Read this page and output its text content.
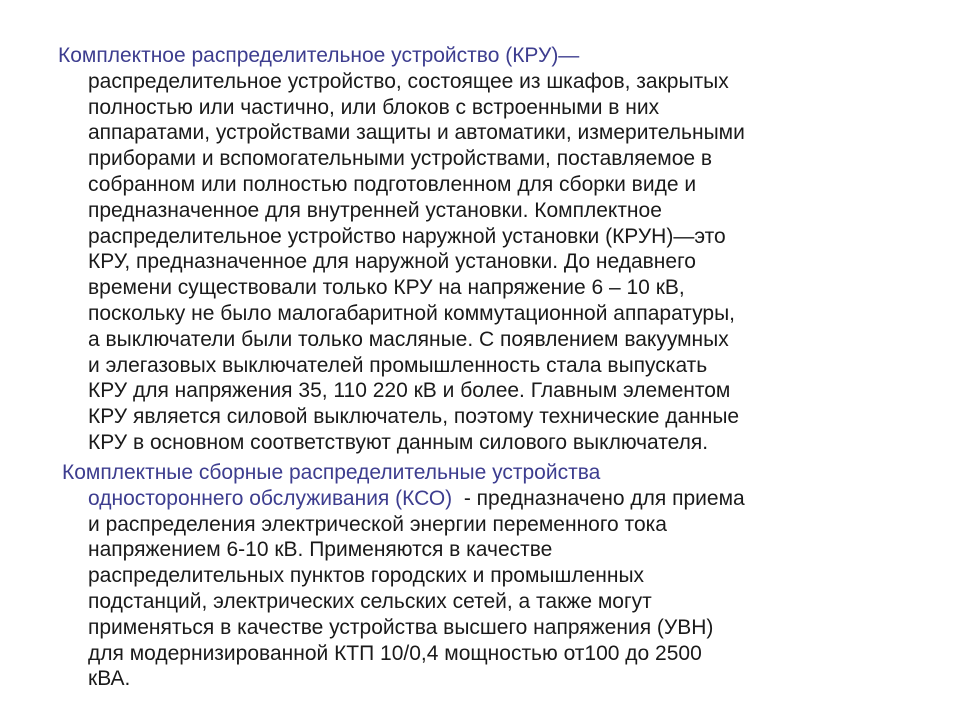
Комплектное распределительное устройство (КРУ)—
распределительное устройство, состоящее из шкафов, закрытых
полностью или частично, или блоков с встроенными в них
аппаратами, устройствами защиты и автоматики, измерительными
приборами и вспомогательными устройствами, поставляемое в
собранном или полностью подготовленном для сборки виде и
предназначенное для внутренней установки. Комплектное
распределительное устройство наружной установки (КРУН)—это
КРУ, предназначенное для наружной установки. До недавнего
времени существовали только КРУ на напряжение 6 – 10 кВ,
поскольку не было малогабаритной коммутационной аппаратуры,
а выключатели были только масляные. С появлением вакуумных
и элегазовых выключателей промышленность стала выпускать
КРУ для напряжения 35, 110 220 кВ и более. Главным элементом
КРУ является силовой выключатель, поэтому технические данные
КРУ в основном соответствуют данным силового выключателя.

Комплектные сборные распределительные устройства
одностороннего обслуживания (КСО)  - предназначено для приема
и распределения электрической энергии переменного тока
напряжением 6-10 кВ. Применяются в качестве
распределительных пунктов городских и промышленных
подстанций, электрических сельских сетей, а также могут
применяться в качестве устройства высшего напряжения (УВН)
для модернизированной КТП 10/0,4 мощностью от100 до 2500
кВА.
